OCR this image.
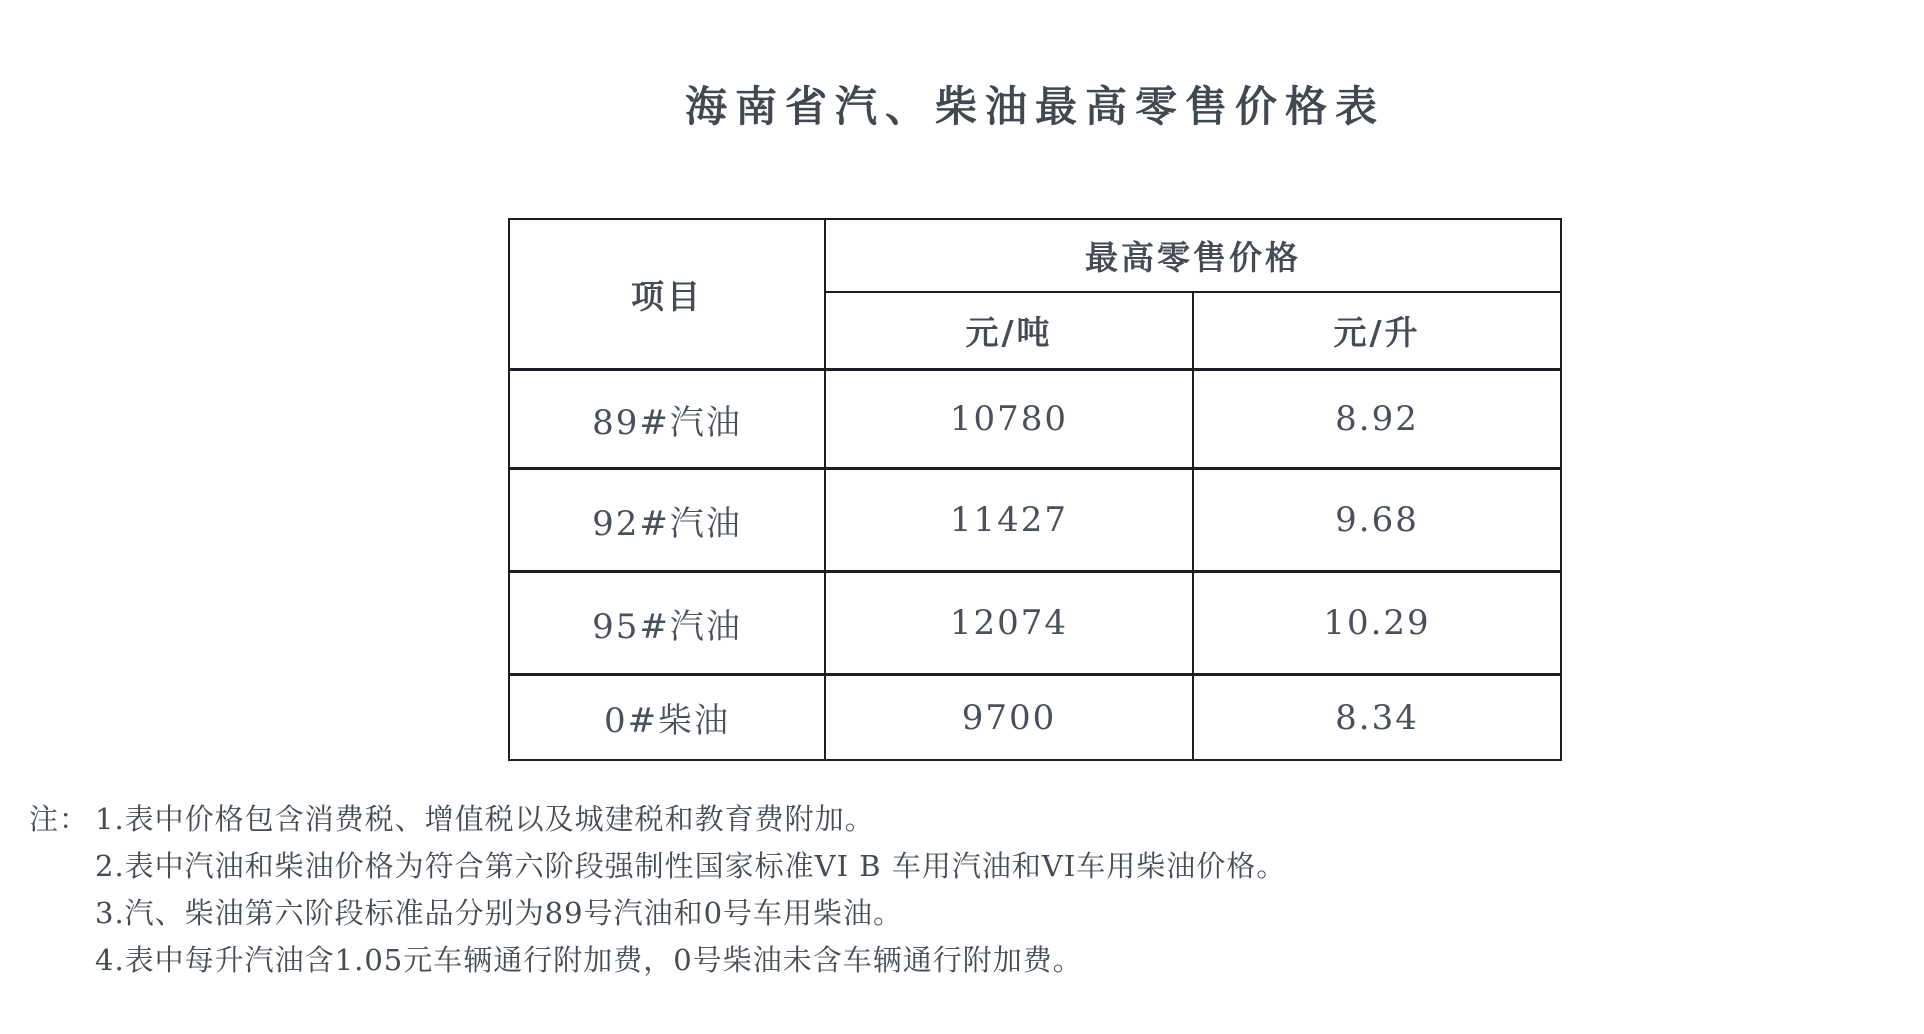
海南省汽、柴油最高零售价格表
项目	最高零售价格	
	元/吨	元/升
89#汽油	10780	8.92
92#汽油	11427	9.68
95#汽油	12074	10.29
0#柴油	9700	8.34
注： 1.表中价格包含消费税、增值税以及城建税和教育费附加。
2.表中汽油和柴油价格为符合第六阶段强制性国家标准VI B 车用汽油和VI车用柴油价格。
3.汽、柴油第六阶段标准品分别为89号汽油和0号车用柴油。
4.表中每升汽油含1.05元车辆通行附加费，0号柴油未含车辆通行附加费。
